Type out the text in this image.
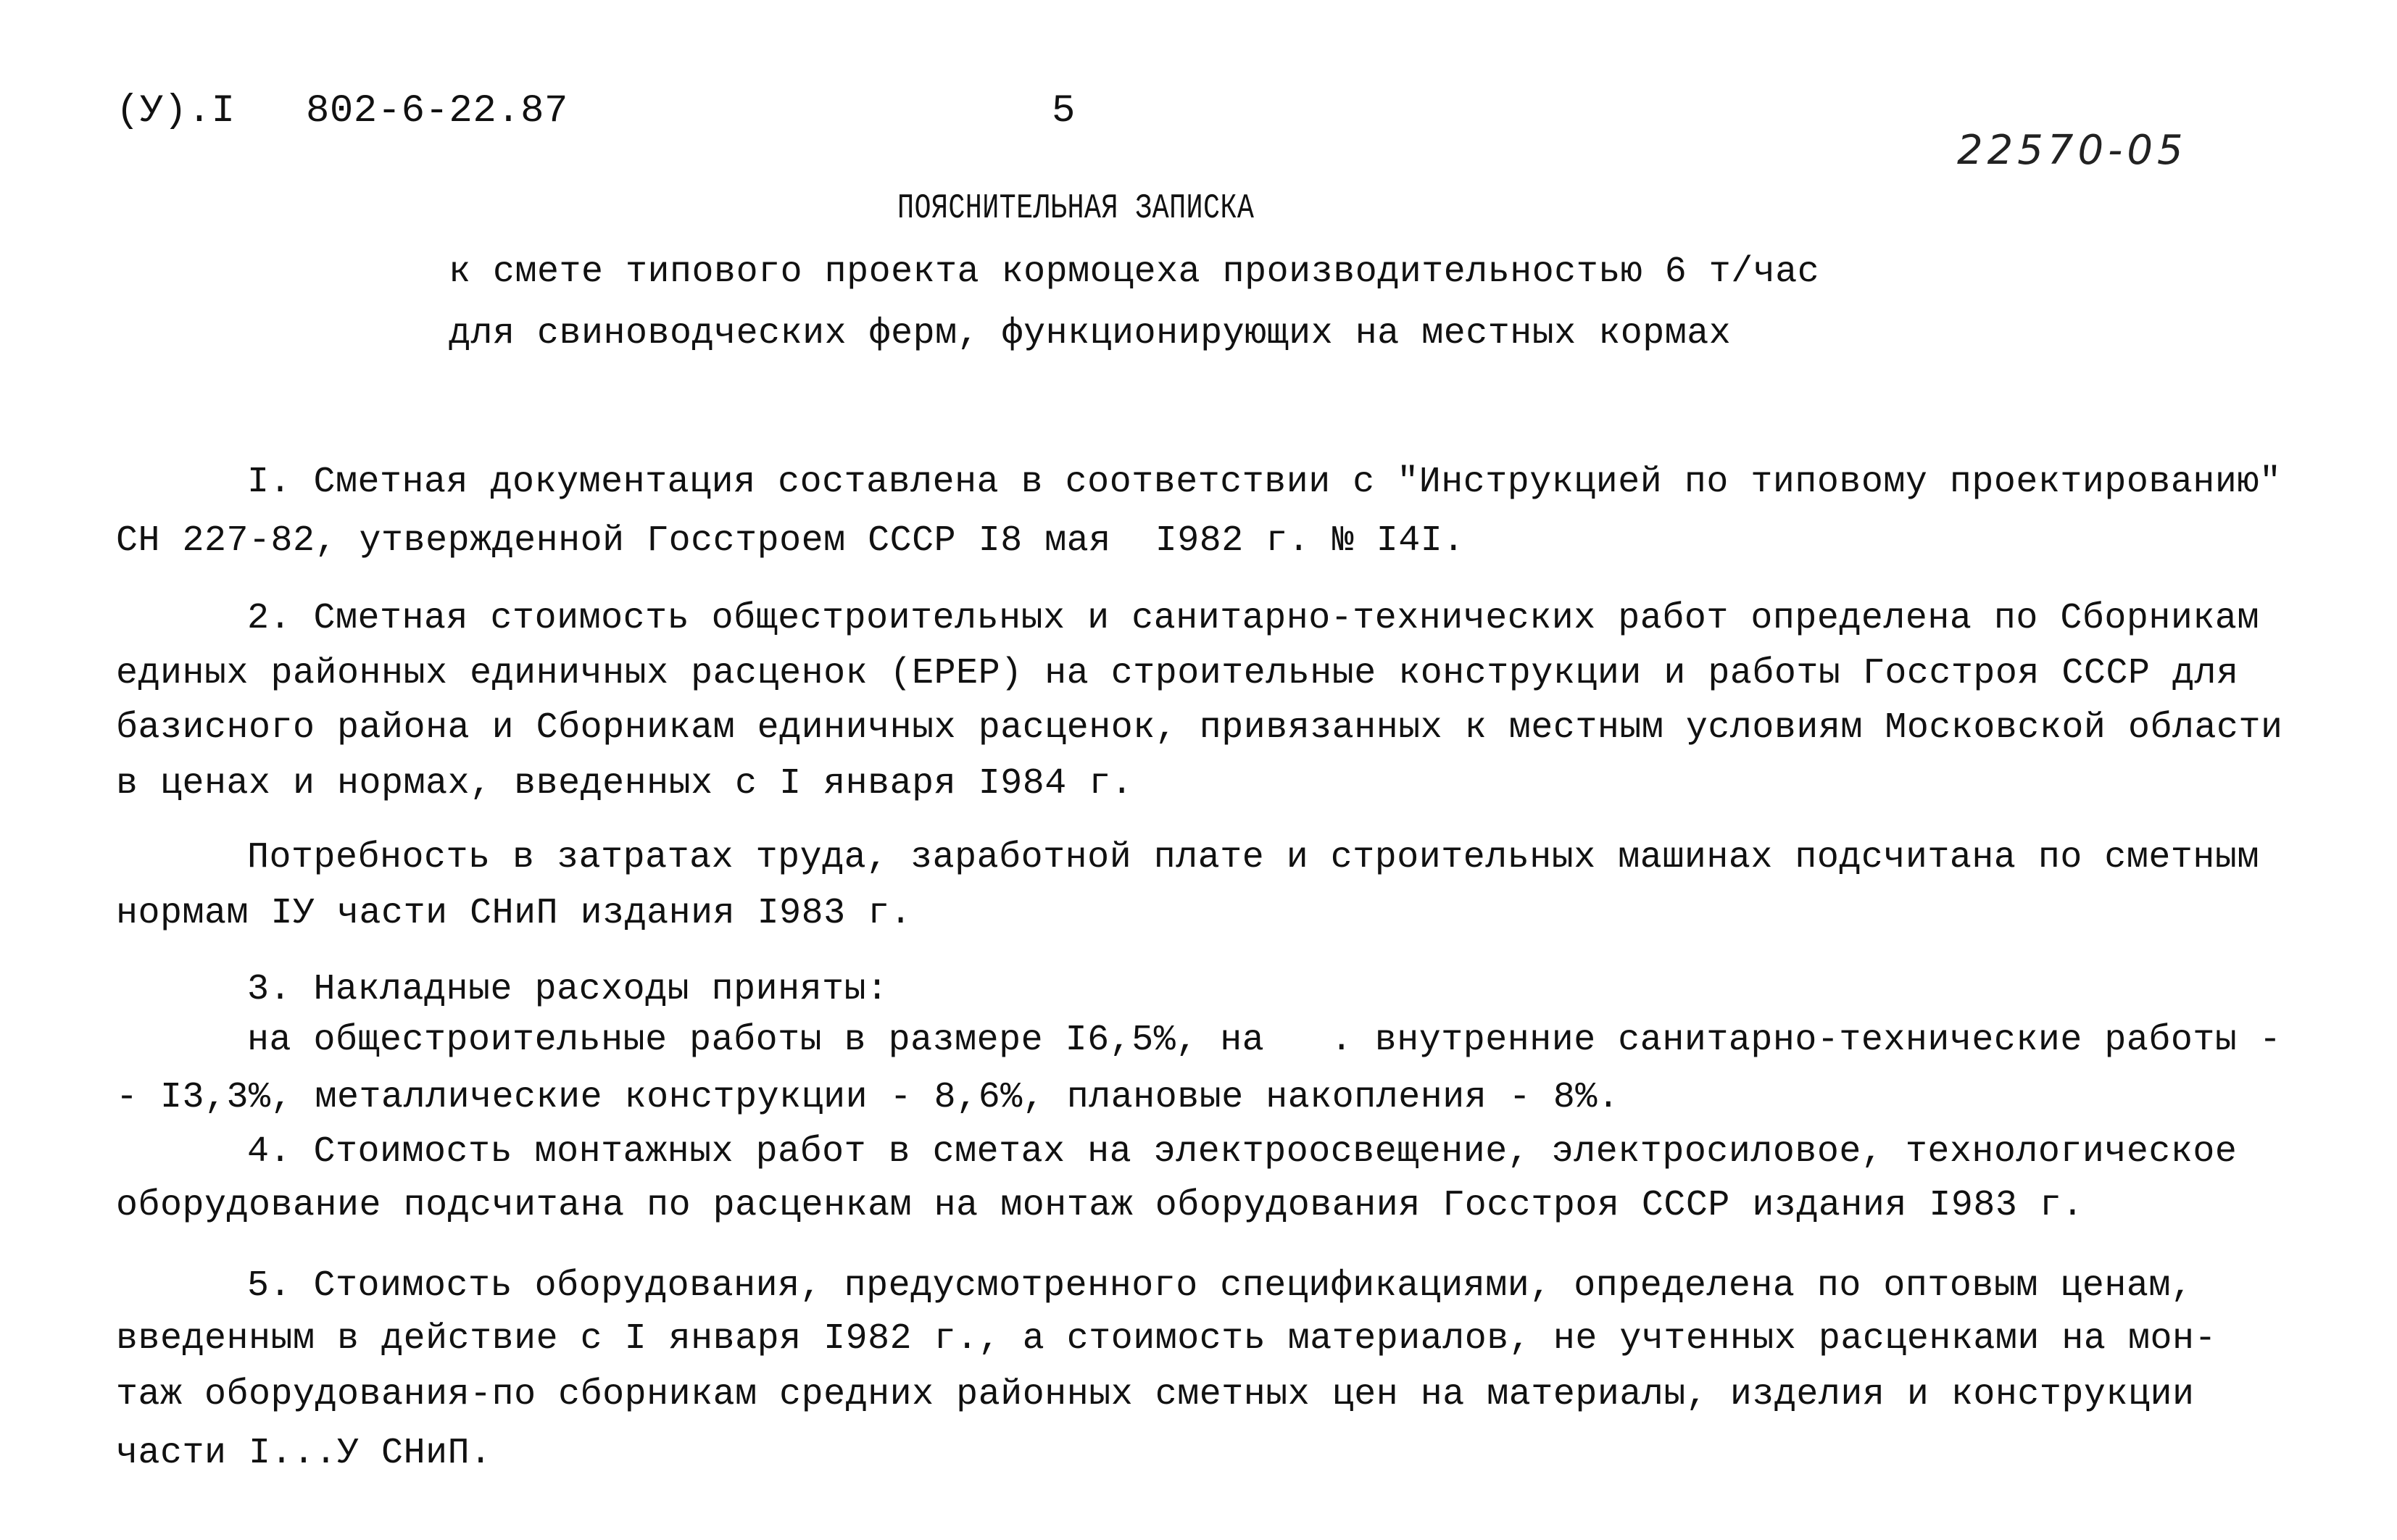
(У).I 802-6-22.87	5
22570-05
ПОЯСНИТЕЛЬНАЯ ЗАПИСКА
к смете типового проекта кормоцеха производительностью 6 т/час
для свиноводческих ферм, функционирующих на местных кормах
I. Сметная документация составлена в соответствии с "Инструкцией по типовому проектированию"
СН 227-82, утвержденной Госстроем СССР I8 мая  I982 г. № I4I.
2. Сметная стоимость общестроительных и санитарно-технических работ определена по Сборникам
единых районных единичных расценок (ЕРЕР) на строительные конструкции и работы Госстроя СССР для
базисного района и Сборникам единичных расценок, привязанных к местным условиям Московской области
в ценах и нормах, введенных с I января I984 г.
Потребность в затратах труда, заработной плате и строительных машинах подсчитана по сметным
нормам IУ части СНиП издания I983 г.
3. Накладные расходы приняты:
на общестроительные работы в размере I6,5%, на   . внутренние санитарно-технические работы -
- I3,3%, металлические конструкции - 8,6%, плановые накопления - 8%.
4. Стоимость монтажных работ в сметах на электроосвещение, электросиловое, технологическое
оборудование подсчитана по расценкам на монтаж оборудования Госстроя СССР издания I983 г.
5. Стоимость оборудования, предусмотренного спецификациями, определена по оптовым ценам,
введенным в действие с I января I982 г., а стоимость материалов, не учтенных расценками на мон-
таж оборудования-по сборникам средних районных сметных цен на материалы, изделия и конструкции
части I...У СНиП.
